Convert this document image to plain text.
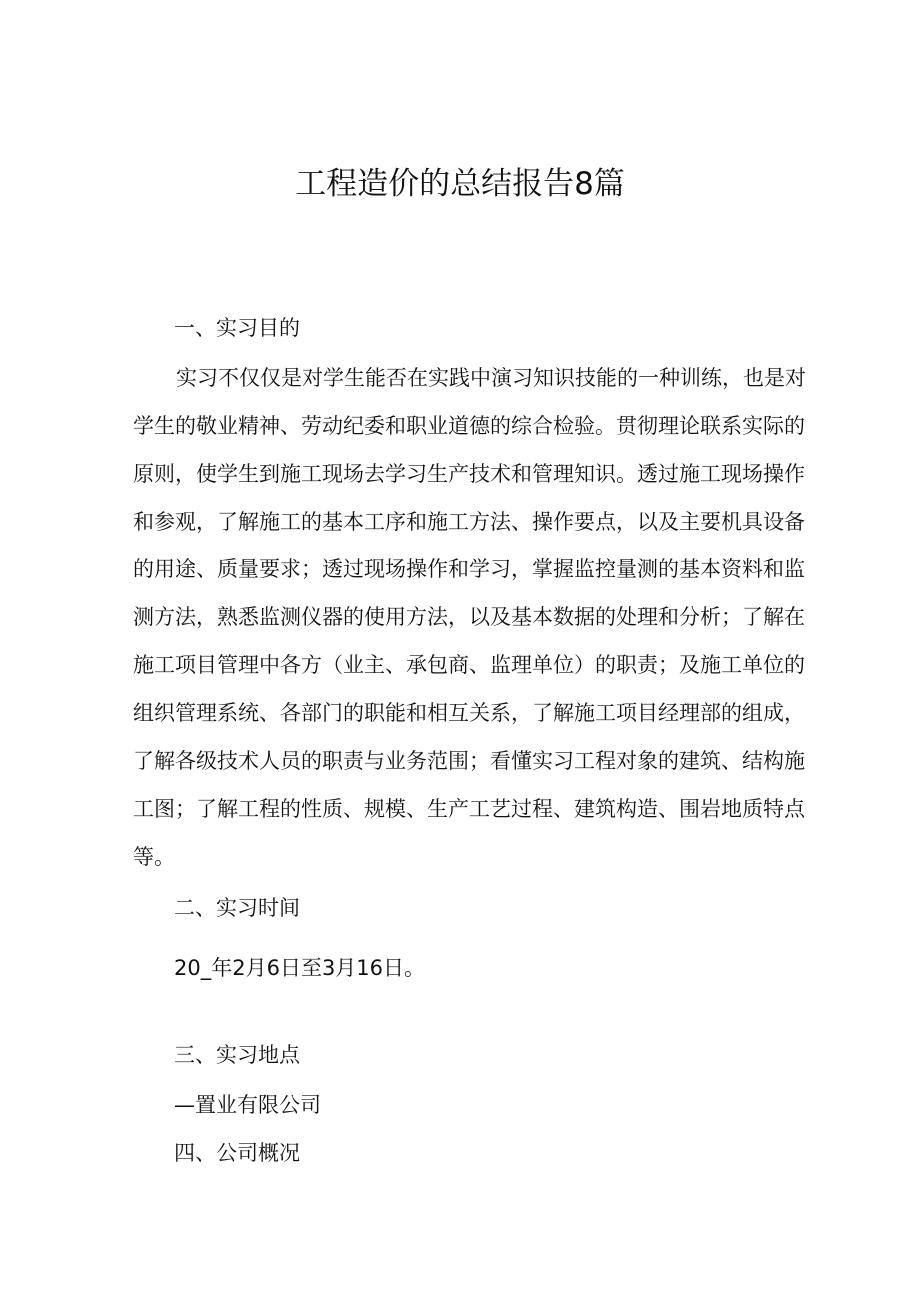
工程造价的总结报告8篇
一、实习目的
实习不仅仅是对学生能否在实践中演习知识技能的一种训练，也是对
学生的敬业精神、劳动纪委和职业道德的综合检验。贯彻理论联系实际的
原则，使学生到施工现场去学习生产技术和管理知识。透过施工现场操作
和参观，了解施工的基本工序和施工方法、操作要点，以及主要机具设备
的用途、质量要求；透过现场操作和学习，掌握监控量测的基本资料和监
测方法，熟悉监测仪器的使用方法，以及基本数据的处理和分析；了解在
施工项目管理中各方（业主、承包商、监理单位）的职责；及施工单位的
组织管理系统、各部门的职能和相互关系，了解施工项目经理部的组成，
了解各级技术人员的职责与业务范围；看懂实习工程对象的建筑、结构施
工图；了解工程的性质、规模、生产工艺过程、建筑构造、围岩地质特点
等。
二、实习时间
20_年2月6日至3月16日。
三、实习地点
—置业有限公司
四、公司概况
